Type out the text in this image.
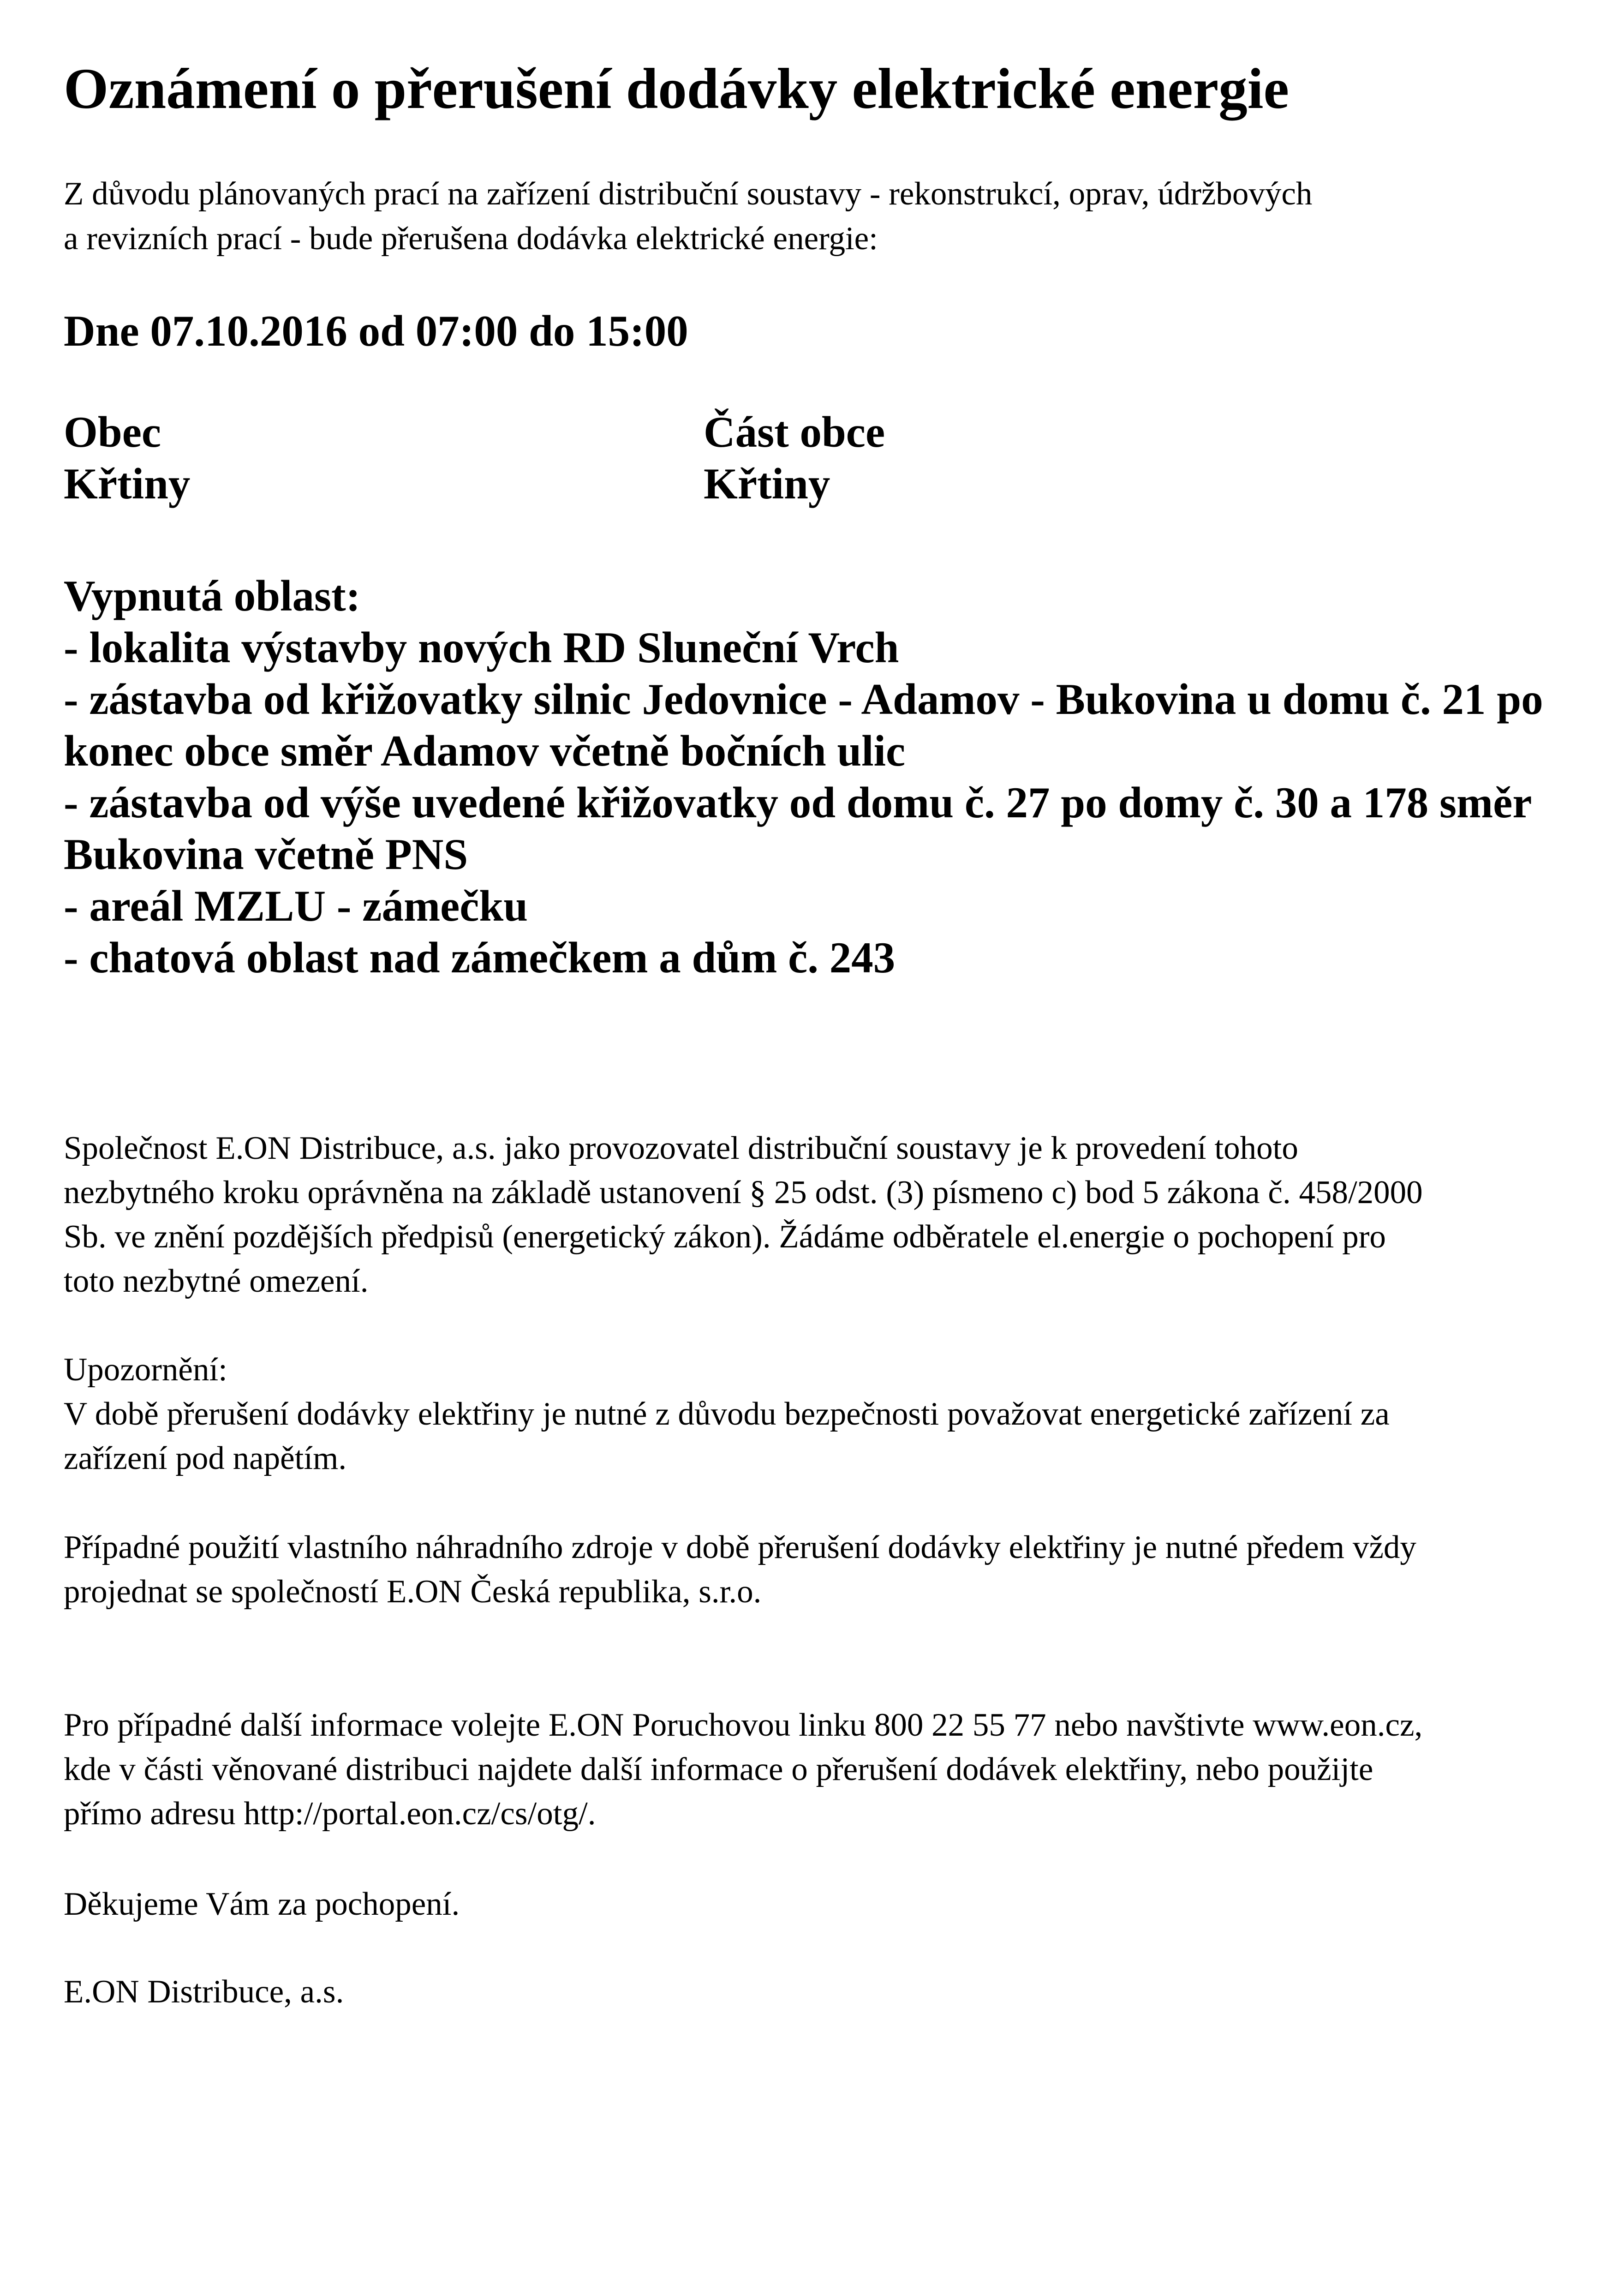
Oznámení o přerušení dodávky elektrické energie
Z důvodu plánovaných prací na zařízení distribuční soustavy - rekonstrukcí, oprav, údržbových
a revizních prací - bude přerušena dodávka elektrické energie:
Dne 07.10.2016 od 07:00 do 15:00
Obec
Křtiny
Část obce
Křtiny
Vypnutá oblast:
- lokalita výstavby nových RD Sluneční Vrch
- zástavba od křižovatky silnic Jedovnice - Adamov - Bukovina u domu č. 21 po
konec obce směr Adamov včetně bočních ulic
- zástavba od výše uvedené křižovatky od domu č. 27 po domy č. 30 a 178 směr
Bukovina včetně PNS
- areál MZLU - zámečku
- chatová oblast nad zámečkem a dům č. 243
Společnost E.ON Distribuce, a.s. jako provozovatel distribuční soustavy je k provedení tohoto
nezbytného kroku oprávněna na základě ustanovení § 25 odst. (3) písmeno c) bod 5 zákona č. 458/2000
Sb. ve znění pozdějších předpisů (energetický zákon). Žádáme odběratele el.energie o pochopení pro
toto nezbytné omezení.
Upozornění:
V době přerušení dodávky elektřiny je nutné z důvodu bezpečnosti považovat energetické zařízení za
zařízení pod napětím.
Případné použití vlastního náhradního zdroje v době přerušení dodávky elektřiny je nutné předem vždy
projednat se společností E.ON Česká republika, s.r.o.
Pro případné další informace volejte E.ON Poruchovou linku 800 22 55 77 nebo navštivte www.eon.cz,
kde v části věnované distribuci najdete další informace o přerušení dodávek elektřiny, nebo použijte
přímo adresu http://portal.eon.cz/cs/otg/.
Děkujeme Vám za pochopení.
E.ON Distribuce, a.s.
